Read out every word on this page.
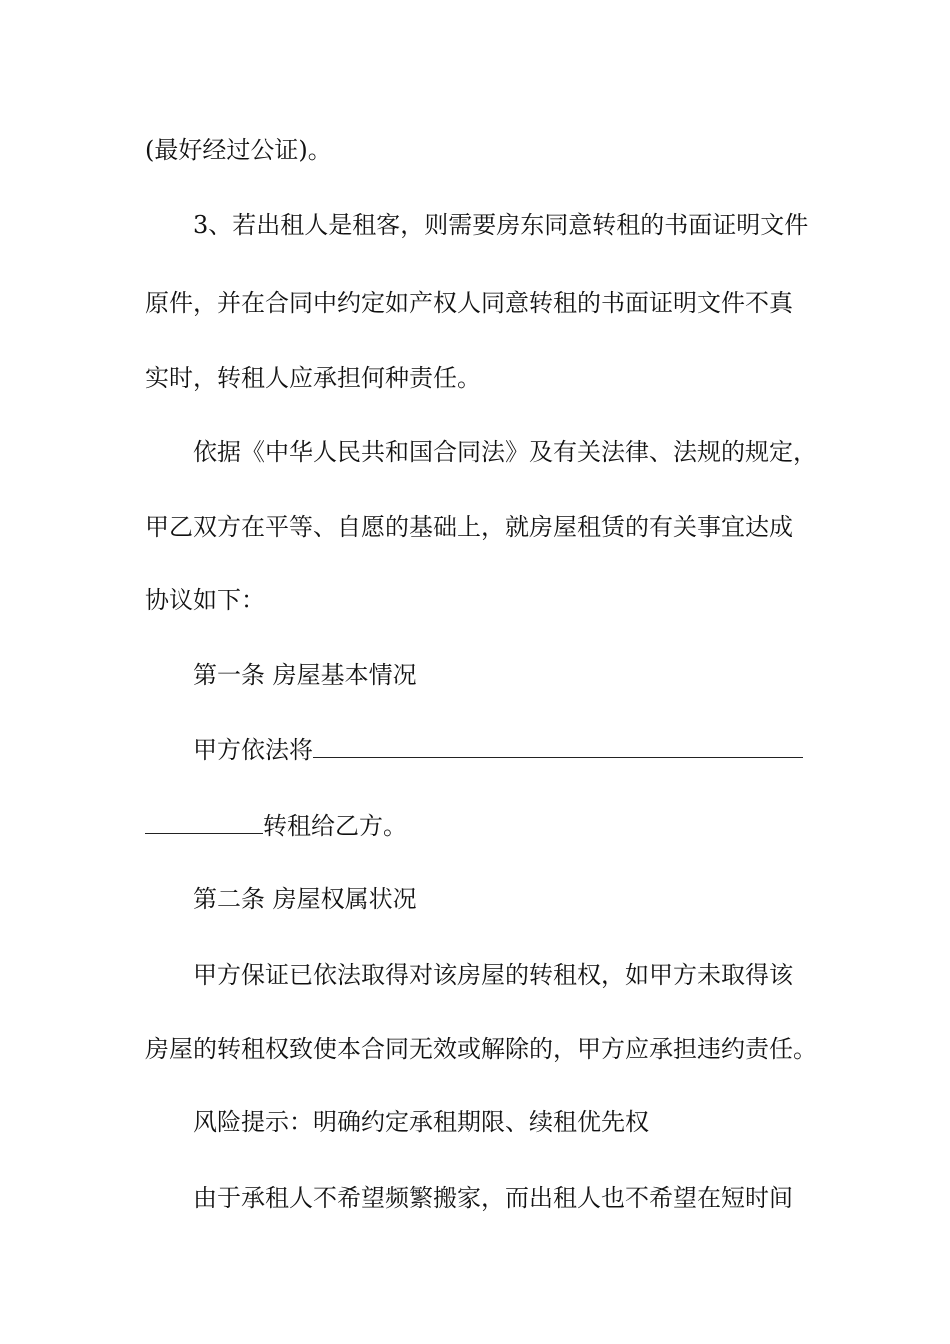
(最好经过公证)。
3、若出租人是租客，则需要房东同意转租的书面证明文件
原件，并在合同中约定如产权人同意转租的书面证明文件不真
实时，转租人应承担何种责任。
依据《中华人民共和国合同法》及有关法律、法规的规定，
甲乙双方在平等、自愿的基础上，就房屋租赁的有关事宜达成
协议如下：
第一条 房屋基本情况
甲方依法将
转租给乙方。
第二条 房屋权属状况
甲方保证已依法取得对该房屋的转租权，如甲方未取得该
房屋的转租权致使本合同无效或解除的，甲方应承担违约责任。
风险提示：明确约定承租期限、续租优先权
由于承租人不希望频繁搬家，而出租人也不希望在短时间
